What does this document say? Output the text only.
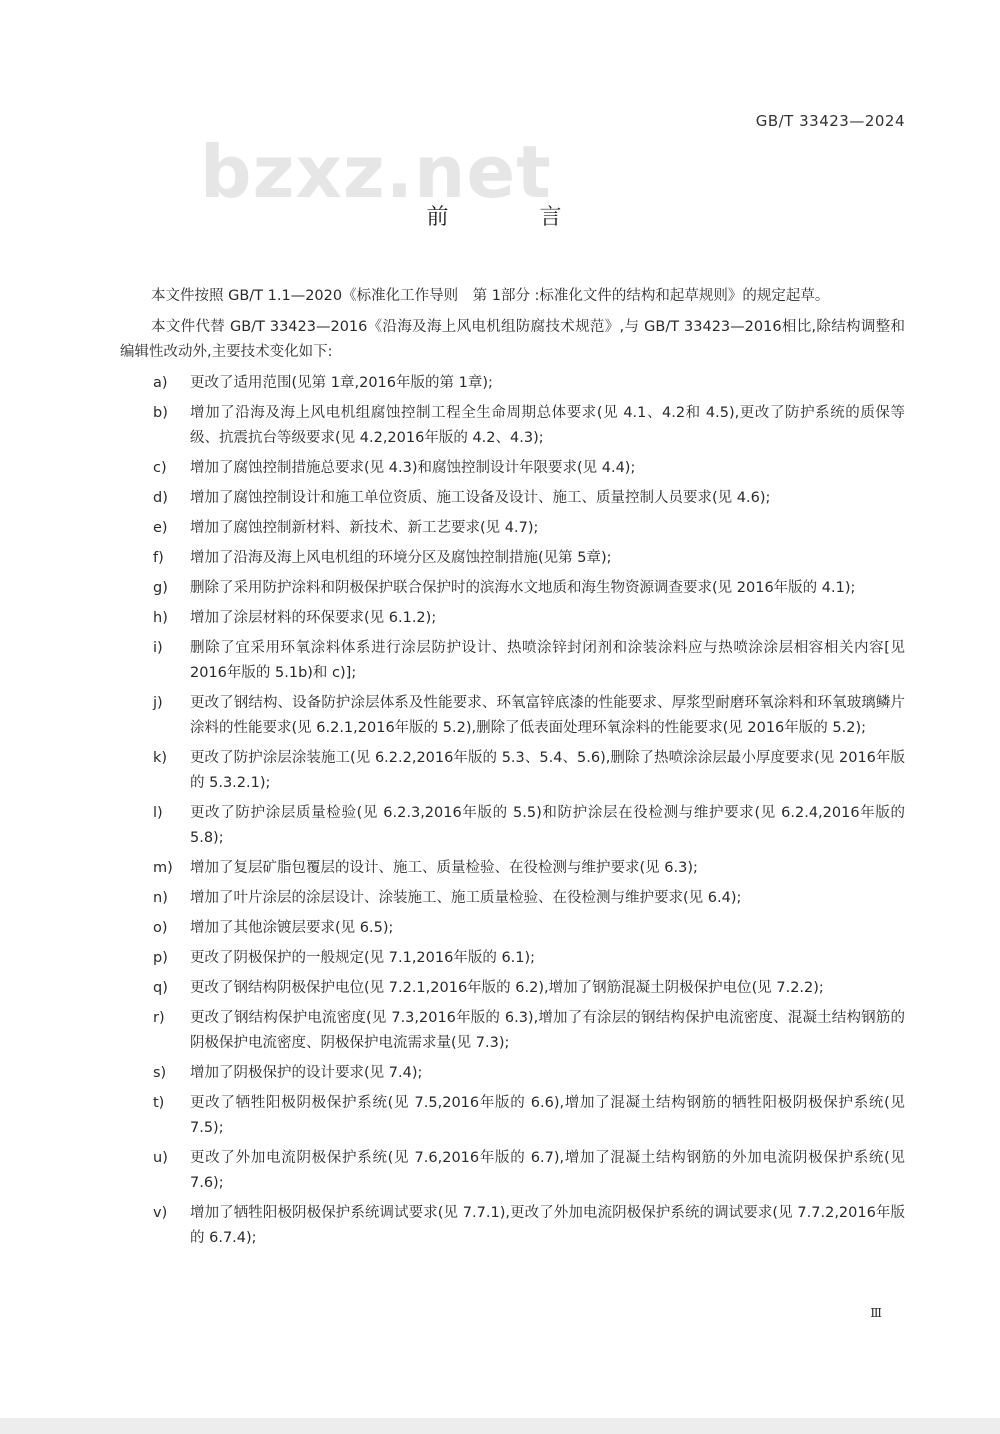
bzxz.net
GB/T 33423—2024
前 言

本文件按照 GB/T 1.1—2020《标准化工作导则　第 1部分 :标准化文件的结构和起草规则》的规定起草。

本文件代替 GB/T 33423—2016《沿海及海上风电机组防腐技术规范》,与 GB/T 33423—2016相比,除结构调整和编辑性改动外,主要技术变化如下:

a) 更改了适用范围(见第 1章,2016年版的第 1章);
b) 增加了沿海及海上风电机组腐蚀控制工程全生命周期总体要求(见 4.1、4.2和 4.5),更改了防护系统的质保等级、抗震抗台等级要求(见 4.2,2016年版的 4.2、4.3);
c) 增加了腐蚀控制措施总要求(见 4.3)和腐蚀控制设计年限要求(见 4.4);
d) 增加了腐蚀控制设计和施工单位资质、施工设备及设计、施工、质量控制人员要求(见 4.6);
e) 增加了腐蚀控制新材料、新技术、新工艺要求(见 4.7);
f) 增加了沿海及海上风电机组的环境分区及腐蚀控制措施(见第 5章);
g) 删除了采用防护涂料和阴极保护联合保护时的滨海水文地质和海生物资源调查要求(见 2016年版的 4.1);
h) 增加了涂层材料的环保要求(见 6.1.2);
i) 删除了宜采用环氧涂料体系进行涂层防护设计、热喷涂锌封闭剂和涂装涂料应与热喷涂涂层相容相关内容[见 2016年版的 5.1b)和 c)];
j) 更改了钢结构、设备防护涂层体系及性能要求、环氧富锌底漆的性能要求、厚浆型耐磨环氧涂料和环氧玻璃鳞片涂料的性能要求(见 6.2.1,2016年版的 5.2),删除了低表面处理环氧涂料的性能要求(见 2016年版的 5.2);
k) 更改了防护涂层涂装施工(见 6.2.2,2016年版的 5.3、5.4、5.6),删除了热喷涂涂层最小厚度要求(见 2016年版的 5.3.2.1);
l) 更改了防护涂层质量检验(见 6.2.3,2016年版的 5.5)和防护涂层在役检测与维护要求(见 6.2.4,2016年版的 5.8);
m) 增加了复层矿脂包覆层的设计、施工、质量检验、在役检测与维护要求(见 6.3);
n) 增加了叶片涂层的涂层设计、涂装施工、施工质量检验、在役检测与维护要求(见 6.4);
o) 增加了其他涂镀层要求(见 6.5);
p) 更改了阴极保护的一般规定(见 7.1,2016年版的 6.1);
q) 更改了钢结构阴极保护电位(见 7.2.1,2016年版的 6.2),增加了钢筋混凝土阴极保护电位(见 7.2.2);
r) 更改了钢结构保护电流密度(见 7.3,2016年版的 6.3),增加了有涂层的钢结构保护电流密度、混凝土结构钢筋的阴极保护电流密度、阴极保护电流需求量(见 7.3);
s) 增加了阴极保护的设计要求(见 7.4);
t) 更改了牺牲阳极阴极保护系统(见 7.5,2016年版的 6.6),增加了混凝土结构钢筋的牺牲阳极阴极保护系统(见 7.5);
u) 更改了外加电流阴极保护系统(见 7.6,2016年版的 6.7),增加了混凝土结构钢筋的外加电流阴极保护系统(见 7.6);
v) 增加了牺牲阳极阴极保护系统调试要求(见 7.7.1),更改了外加电流阴极保护系统的调试要求(见 7.7.2,2016年版的 6.7.4);
Ⅲ
